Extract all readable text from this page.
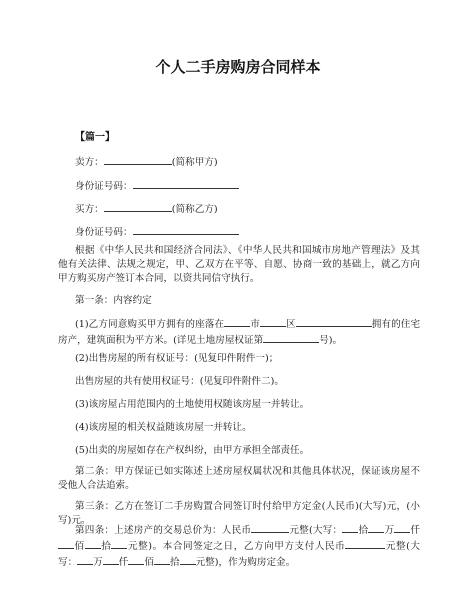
个人二手房购房合同样本
【篇一】
卖方：	(简称甲方)
身份证号码：
买方：	(简称乙方)
身份证号码：
根据《中华人民共和国经济合同法》、《中华人民共和国城市房地产管理法》及其他有关法律、法规之规定，甲、乙双方在平等、自愿、协商一致的基础上，就乙方向甲方购买房产签订本合同，以资共同信守执行。
第一条：内容约定
(1)乙方同意购买甲方拥有的座落在	市	区	拥有的住宅房产，建筑面积为平方米。(详见土地房屋权证第	号)。
(2)出售房屋的所有权证号：(见复印件附件一)；
出售房屋的共有使用权证号：(见复印件附件二)。
(3)该房屋占用范围内的土地使用权随该房屋一并转让。
(4)该房屋的相关权益随该房屋一并转让。
(5)出卖的房屋如存在产权纠纷，由甲方承担全部责任。
第二条：甲方保证已如实陈述上述房屋权属状况和其他具体状况，保证该房屋不受他人合法追索。
第三条：乙方在签订二手房购置合同签订时付给甲方定金(人民币)(大写)元，(小写)元。
第四条：上述房产的交易总价为：人民币	元整(大写： 拾 万 仟佰 拾 元整)。本合同签定之日，乙方向甲方支付人民币	元整(大写： 万 仟 佰 拾 元整)，作为购房定金。
